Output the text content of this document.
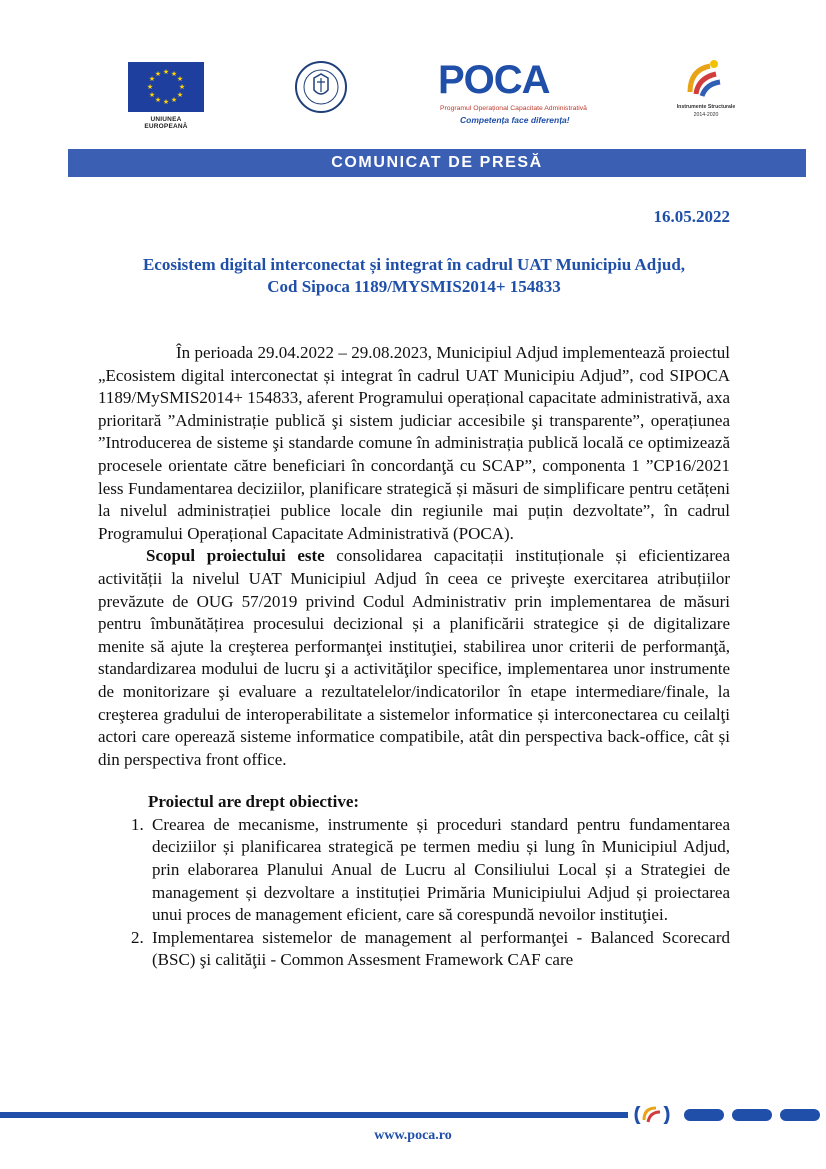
★ ★
★
★
★
★
★
★
★
★
★
★
UNIUNEA EUROPEANĂ
POCA
Programul Operațional Capacitate Administrativă
Competența face diferența!
Instrumente Structurale
2014-2020
COMUNICAT DE PRESĂ
16.05.2022
Ecosistem digital interconectat și integrat în cadrul UAT Municipiu Adjud,
Cod Sipoca 1189/MYSMIS2014+ 154833

În perioada 29.04.2022 – 29.08.2023, Municipiul Adjud implementează proiectul „Ecosistem digital interconectat și integrat în cadrul UAT Municipiu Adjud”, cod SIPOCA 1189/MySMIS2014+ 154833, aferent Programului operațional capacitate administrativă, axa prioritară ”Administrație publică şi sistem judiciar accesibile şi transparente”, operațiunea ”Introducerea de sisteme şi standarde comune în administrația publică locală ce optimizează procesele orientate către beneficiari în concordanţă cu SCAP”, componenta 1 ”CP16/2021 less Fundamentarea deciziilor, planificare strategică și măsuri de simplificare pentru cetățeni la nivelul administrației publice locale din regiunile mai puțin dezvoltate”, în cadrul Programului Operațional Capacitate Administrativă (POCA).

Scopul proiectului este consolidarea capacitații instituționale și eficientizarea activității la nivelul UAT Municipiul Adjud în ceea ce priveşte exercitarea atribuțiilor prevăzute de OUG 57/2019 privind Codul Administrativ prin implementarea de măsuri pentru îmbunătățirea procesului decizional și a planificării strategice și de digitalizare menite să ajute la creşterea performanţei instituţiei, stabilirea unor criterii de performanţă, standardizarea modului de lucru şi a activităţilor specifice, implementarea unor instrumente de monitorizare şi evaluare a rezultatelelor/indicatorilor în etape intermediare/finale, la creşterea gradului de interoperabilitate a sistemelor informatice și interconectarea cu ceilalţi actori care operează sisteme informatice compatibile, atât din perspectiva back-office, cât și din perspectiva front office.

Proiectul are drept obiective:

1. Crearea de mecanisme, instrumente și proceduri standard pentru fundamentarea deciziilor și planificarea strategică pe termen mediu și lung în Municipiul Adjud, prin elaborarea Planului Anual de Lucru al Consiliului Local și a Strategiei de management și dezvoltare a instituției Primăria Municipiului Adjud și proiectarea unui proces de management eficient, care să corespundă nevoilor instituţiei.
2. Implementarea sistemelor de management al performanţei - Balanced Scorecard (BSC) şi calităţii - Common Assesment Framework CAF care
www.poca.ro
